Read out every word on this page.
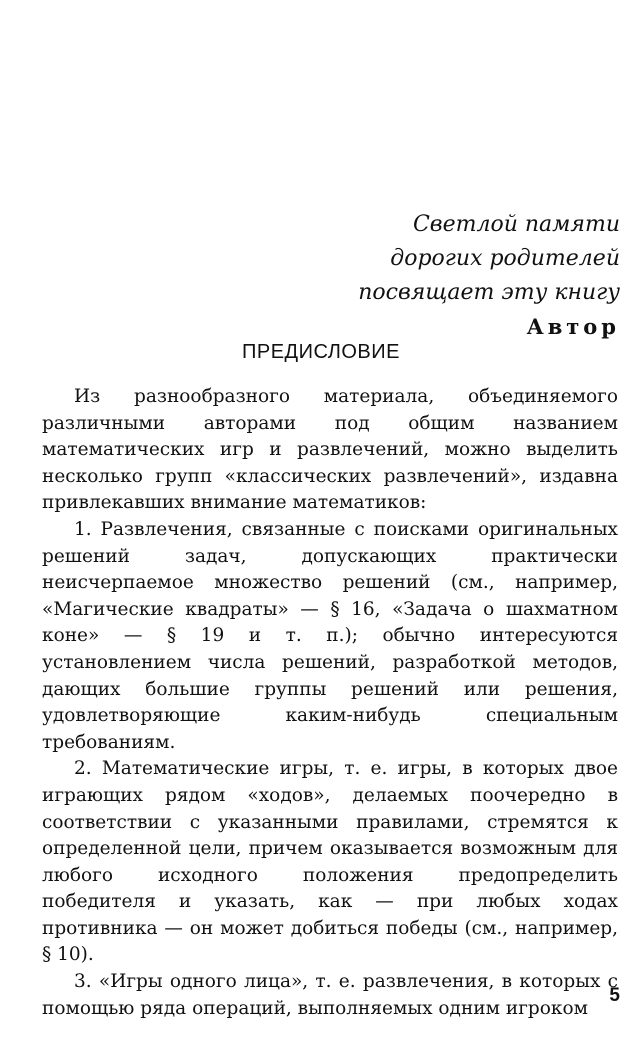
Светлой памяти
дорогих родителей
посвящает эту книгу
Автор
ПРЕДИСЛОВИЕ

Из разнообразного материала, объединяемого различными авторами под общим названием математических игр и развлечений, можно выделить несколько групп «классических развлечений», издавна привлекавших внимание математиков:

1. Развлечения, связанные с поисками оригинальных решений задач, допускающих практически неисчерпаемое множество решений (см., например, «Магические квадраты» — § 16, «Задача о шахматном коне» — § 19 и т. п.); обычно интересуются установлением числа решений, разработкой методов, дающих большие группы решений или решения, удовлетворяющие каким-нибудь специальным требованиям.

2. Математические игры, т. е. игры, в которых двое играющих рядом «ходов», делаемых поочередно в соответствии с указанными правилами, стремятся к определенной цели, причем оказывается возможным для любого исходного положения предопределить победителя и указать, как — при любых ходах противника — он может добиться победы (см., например, § 10).

3. «Игры одного лица», т. е. развлечения, в которых с помощью ряда операций, выполняемых одним игроком

5
